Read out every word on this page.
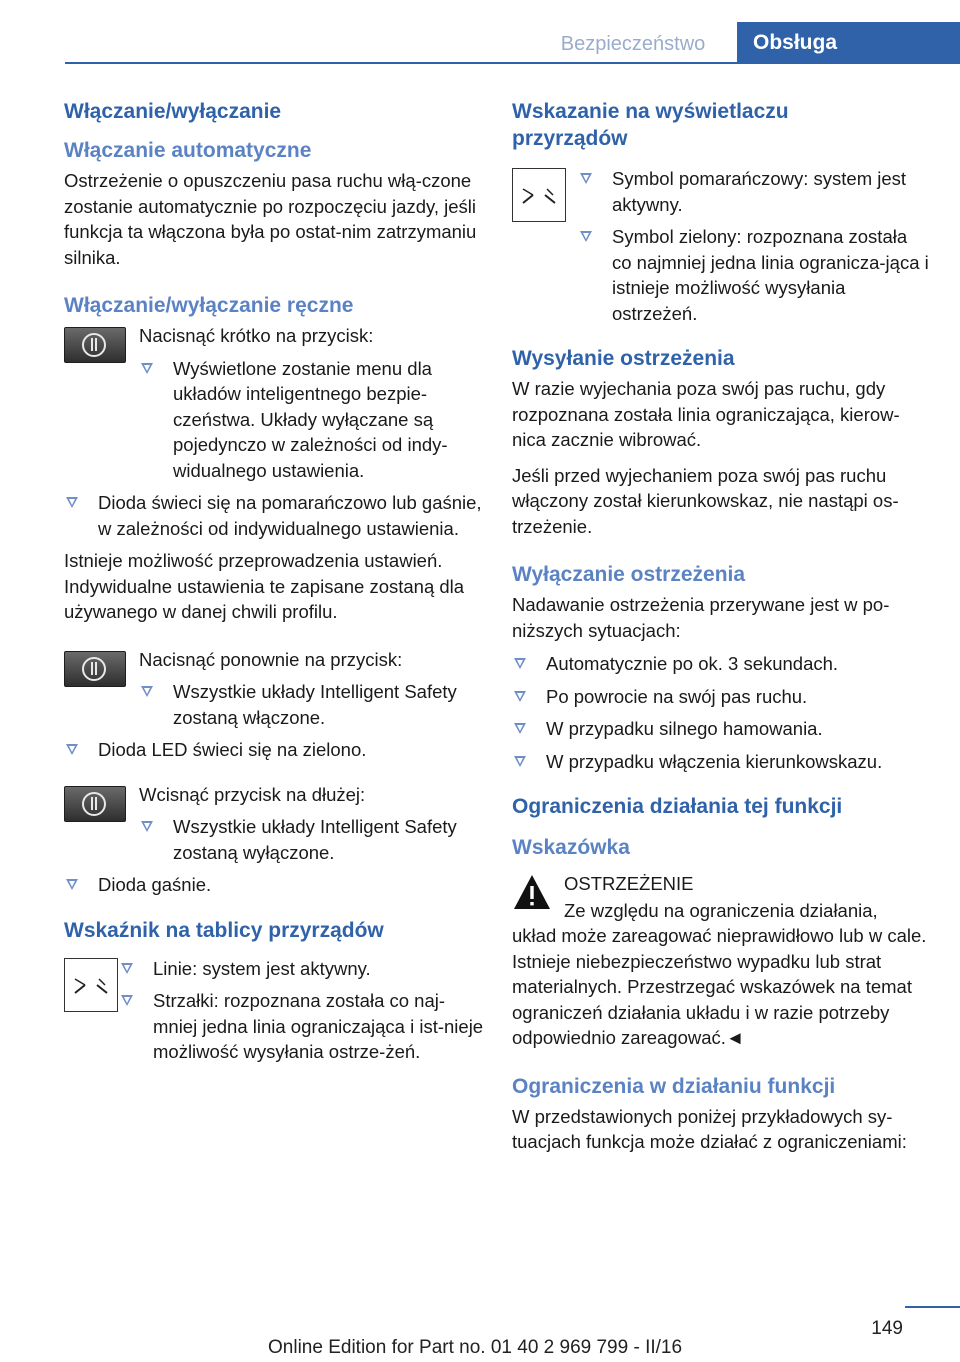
Bezpieczeństwo	Obsługa
Włączanie/wyłączanie
Włączanie automatyczne
Ostrzeżenie o opuszczeniu pasa ruchu włą-czone zostanie automatycznie po rozpoczęciu jazdy, jeśli funkcja ta włączona była po ostat-nim zatrzymaniu silnika.
Włączanie/wyłączanie ręczne
Nacisnąć krótko na przycisk:
Wyświetlone zostanie menu dla układów inteligentnego bezpie-czeństwa. Układy wyłączane są pojedynczo w zależności od indy-widualnego ustawienia.
Dioda świeci się na pomarańczowo lub gaśnie, w zależności od indywidualnego ustawienia.
Istnieje możliwość przeprowadzenia ustawień. Indywidualne ustawienia te zapisane zostaną dla używanego w danej chwili profilu.
Nacisnąć ponownie na przycisk:
Wszystkie układy Intelligent Safety zostaną włączone.
Dioda LED świeci się na zielono.
Wcisnąć przycisk na dłużej:
Wszystkie układy Intelligent Safety zostaną wyłączone.
Dioda gaśnie.
Wskaźnik na tablicy przyrządów
Linie: system jest aktywny.
Strzałki: rozpoznana została co naj-mniej jedna linia ograniczająca i ist-nieje możliwość wysyłania ostrze-żeń.
Wskazanie na wyświetlaczu przyrządów
Symbol pomarańczowy: system jest aktywny.
Symbol zielony: rozpoznana została co najmniej jedna linia ogranicza-jąca i istnieje możliwość wysyłania ostrzeżeń.
Wysyłanie ostrzeżenia
W razie wyjechania poza swój pas ruchu, gdy rozpoznana została linia ograniczająca, kierow-nica zacznie wibrować.
Jeśli przed wyjechaniem poza swój pas ruchu włączony został kierunkowskaz, nie nastąpi os-trzeżenie.
Wyłączanie ostrzeżenia
Nadawanie ostrzeżenia przerywane jest w po-niższych sytuacjach:
Automatycznie po ok. 3 sekundach.
Po powrocie na swój pas ruchu.
W przypadku silnego hamowania.
W przypadku włączenia kierunkowskazu.
Ograniczenia działania tej funkcji
Wskazówka
OSTRZEŻENIE
Ze względu na ograniczenia działania,
układ może zareagować nieprawidłowo lub w cale. Istnieje niebezpieczeństwo wypadku lub strat materialnych. Przestrzegać wskazówek na temat ograniczeń działania układu i w razie potrzeby odpowiednio zareagować.◄
Ograniczenia w działaniu funkcji
W przedstawionych poniżej przykładowych sy-tuacjach funkcja może działać z ograniczeniami:
149
Online Edition for Part no. 01 40 2 969 799 - II/16
